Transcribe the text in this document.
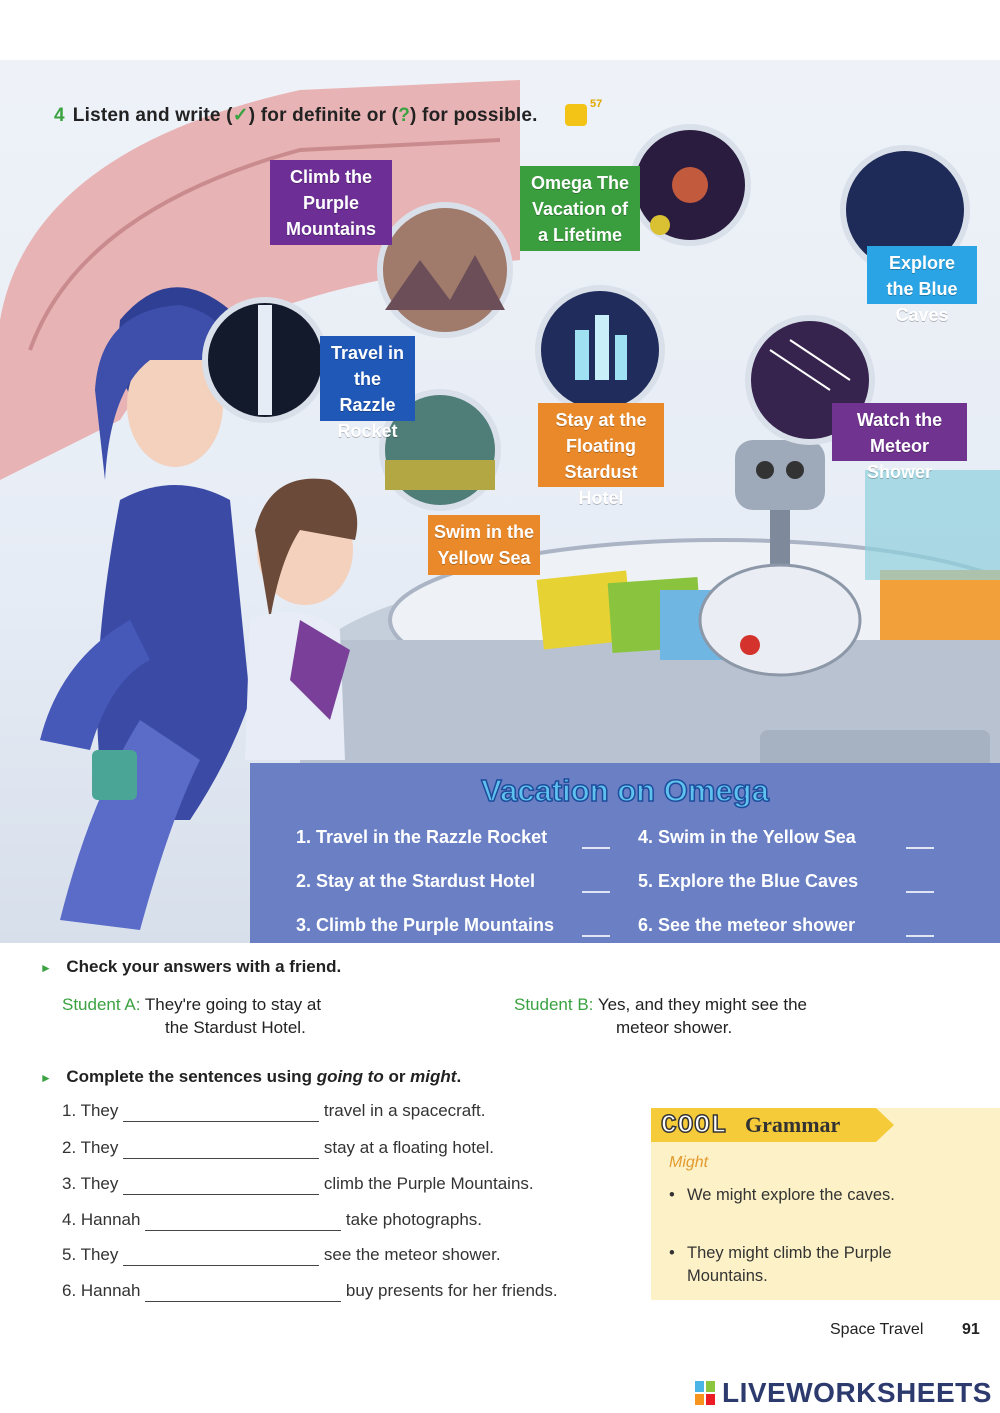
Climb the Purple Mountains
Omega The Vacation of a Lifetime
Explore the Blue Caves
Travel in the Razzle Rocket
Stay at the Floating Stardust Hotel
Watch the Meteor Shower
Swim in the Yellow Sea
4 Listen and write (✓) for definite or (?) for possible.
57
Vacation on Omega
1. Travel in the Razzle Rocket
2. Stay at the Stardust Hotel
3. Climb the Purple Mountains
4. Swim in the Yellow Sea
5. Explore the Blue Caves
6. See the meteor shower
► Check your answers with a friend.
Student A: They're going to stay at
the Stardust Hotel.
Student B: Yes, and they might see the
meteor shower.
► Complete the sentences using going to or might.
1. They	travel in a spacecraft.
2. They	stay at a floating hotel.
3. They	climb the Purple Mountains.
4. Hannah	take photographs.
5. They	see the meteor shower.
6. Hannah	buy presents for her friends.
COOL Grammar
Might
• We might explore the caves.
• They might climb the Purple Mountains.
Space Travel 91
LIVEWORKSHEETS
